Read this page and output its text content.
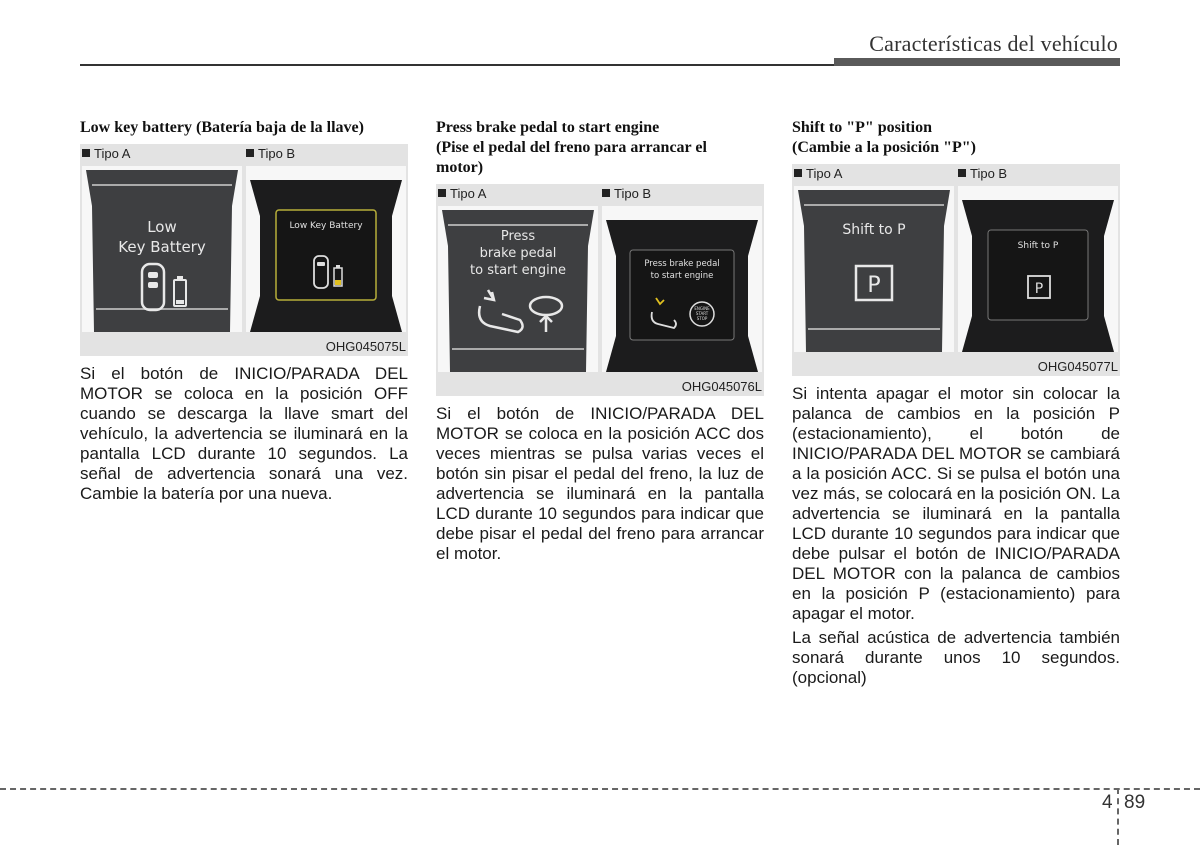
Características del vehículo
Low key battery (Batería baja de la llave)
Tipo A	Tipo B
Low
Key Battery
Low Key Battery
OHG045075L

Si el botón de INICIO/PARADA DEL MOTOR se coloca en la posición OFF cuando se descarga la llave smart del vehículo, la advertencia se iluminará en la pantalla LCD durante 10 segundos. La señal de advertencia sonará una vez. Cambie la batería por una nueva.

Press brake pedal to start engine
(Pise el pedal del freno para arrancar el
motor)
Tipo A	Tipo B
Press
brake pedal
to start engine	Press brake pedal
to start engine
ENGINE
START
STOP
OHG045076L

Si el botón de INICIO/PARADA DEL MOTOR se coloca en la posición ACC dos veces mientras se pulsa varias veces el botón sin pisar el pedal del freno, la luz de advertencia se iluminará en la pantalla LCD durante 10 segundos para indicar que debe pisar el pedal del freno para arrancar el motor.

Shift to "P" position
(Cambie a la posición "P")
Tipo A	Tipo B
Shift to P
P
Shift to P
P
OHG045077L

Si intenta apagar el motor sin colocar la palanca de cambios en la posición P (estacionamiento), el botón de INICIO/PARADA DEL MOTOR se cambiará a la posición ACC. Si se pulsa el botón una vez más, se colocará en la posición ON. La advertencia se iluminará en la pantalla LCD durante 10 segundos para indicar que debe pulsar el botón de INICIO/PARADA DEL MOTOR con la palanca de cambios en la posición P (estacionamiento) para apagar el motor.

La señal acústica de advertencia también sonará durante unos 10 segundos. (opcional)

4 89
